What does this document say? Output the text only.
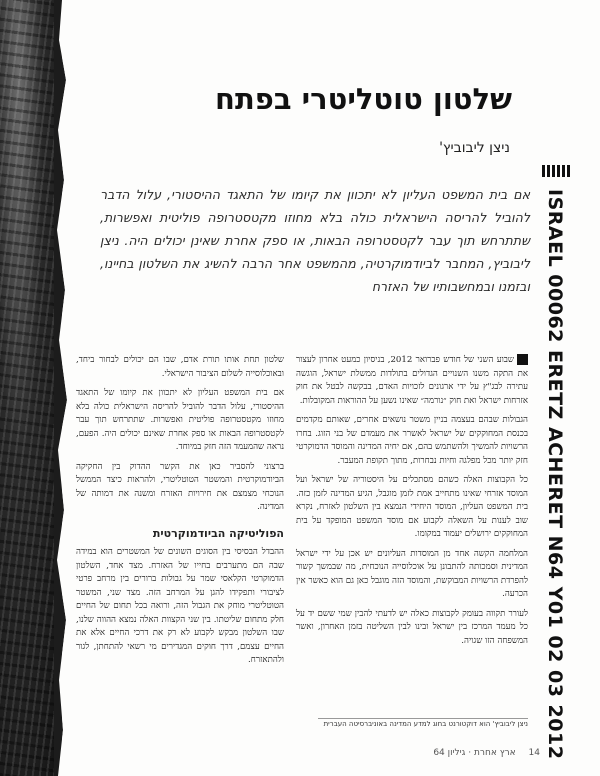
ISRAEL 00062 ERETZ ACHERET N64 Y01 02 03 2012
שלטון טוטליטרי בפתח
ניצן ליבוביץ'

אם בית המשפט העליון לא יתכוון את קיומו של התאגד ההיסטורי, עלול הדבר להוביל להריסה הישראלית כולה בלא מחוזו מקטסטרופה פוליטית ואפשרות, שתתרחש תוך עבר לקטסטרופה הבאות, או ספק אחרת שאינן יכולים היה. ניצן ליבוביץ, המחבר לביודמוקרטיה, מהמשפט אחר הרבה להשיג את השלטון בחיינו, ובזמנו ובמחשבותיו של האזרח

שבוע השני של חודש פברואר 2012, בניסיון כמעט אחרון לעצור את התקה משנו השנויים הגדולים בתולדות ממשלת ישראל, הוגשה עתירה לבג"ץ על ידי ארגונים לזכויות האדם, בבקשה לבטל את חוק אזרחות ישראל ואת חוק ״נורמה״ שאינו נשען על ההוראות המקובלות.

הגבולות שבהם בעצמה בניין משטר נושאים אחרים, שאותם מקדמים בכנסת המחוקקים של ישראל לאשרר את מעמדם של בני הזוג. בחרו הרשויות להמשיך ולהשתמש בהם, אם יחיה המדינה והמוסד הדמוקרטי חזק יותר מכל מפלגה וחיות נבחרות, מתוך תקופת המעבר.

כל הקבוצות האלה כשהם מסתכלים על היסטוריה של ישראל ועל המוסד אזרחי שאינו מתחייב אמת לזמן מוגבל, הגיע המדינה לזמן כזה. בית המשפט העליון, המוסד היחידי הנמצא בין השלטון לאזרח, נקרא שוב לענות על השאלה לקבוע אם מוסד המשפט המופקד על בית המחוקקים ירושלים יעמוד במקומו.

המלחמה הקשה אחד מן המוסדות העליונים יש אכן על ידי ישראל המדינית וסמכותה להתבונן על אוכלוסייה הנוכחית, מה שבמשך קשור להפרדת הרשויות המבוקשת, והמוסד הזה מוגבל כאן גם הוא כאשר אין הכרעה.

לעורר תקווה בעומק לקבוצות כאלה יש לדעתי להבין שמי ששם יד על כל מעמד המרכז בין ישראל ובינו לבין השליטה בזמן האחרון, ואשר המשפחה הזו שגויה.

שלטון תחת אותו תורת אדם, שבו הם יכולים לבחור ביחד, ובאוכלוסייה לשלום הציבור הישראלי.

אם בית המשפט העליון לא יתכוון את קיומו של התאגד ההיסטורי, עלול הדבר להוביל להריסה הישראלית כולה בלא מחוזו מקטסטרופה פוליטית ואפשרות. שתתרחש תוך עבר לקטסטרופה הבאות או ספק אחרת שאינם יכולים היה. הפעם, נראה שהמעמד הזה חזק במיוחד.

ברצוני להסביר כאן את הקשר ההדוק בין החקיקה הביודמוקרטית והמשטר הטוטליטרי, ולהראות כיצד הממשל הנוכחי מצמצם את חירויות האזרח ומשנה את דמותה של המדינה.

הפוליטיקה הביודמוקרטית

ההבדל הבסיסי בין הסוגים השונים של המשטרים הוא במידה שבה הם מתערבים בחייו של האזרח. מצד אחד, השלטון הדמוקרטי הקלאסי שמר על גבולות ברורים בין מרחב פרטי לציבורי ותפקידו להגן על המרחב הזה. מצד שני, המשטר הטוטליטרי מוחק את הגבול הזה, ורואה בכל תחום של החיים חלק מתחום שליטתו. בין שני הקצוות האלה נמצא ההווה שלנו, שבו השלטון מבקש לקבוע לא רק את דרכי החיים אלא את החיים עצמם, דרך חוקים המגדירים מי רשאי להתחתן, לגור ולהתאזרח.

ניצן ליבוביץ' הוא דוקטורנט בחוג למדע המדינה באוניברסיטה העברית
14 ארץ אחרת · גיליון 64
